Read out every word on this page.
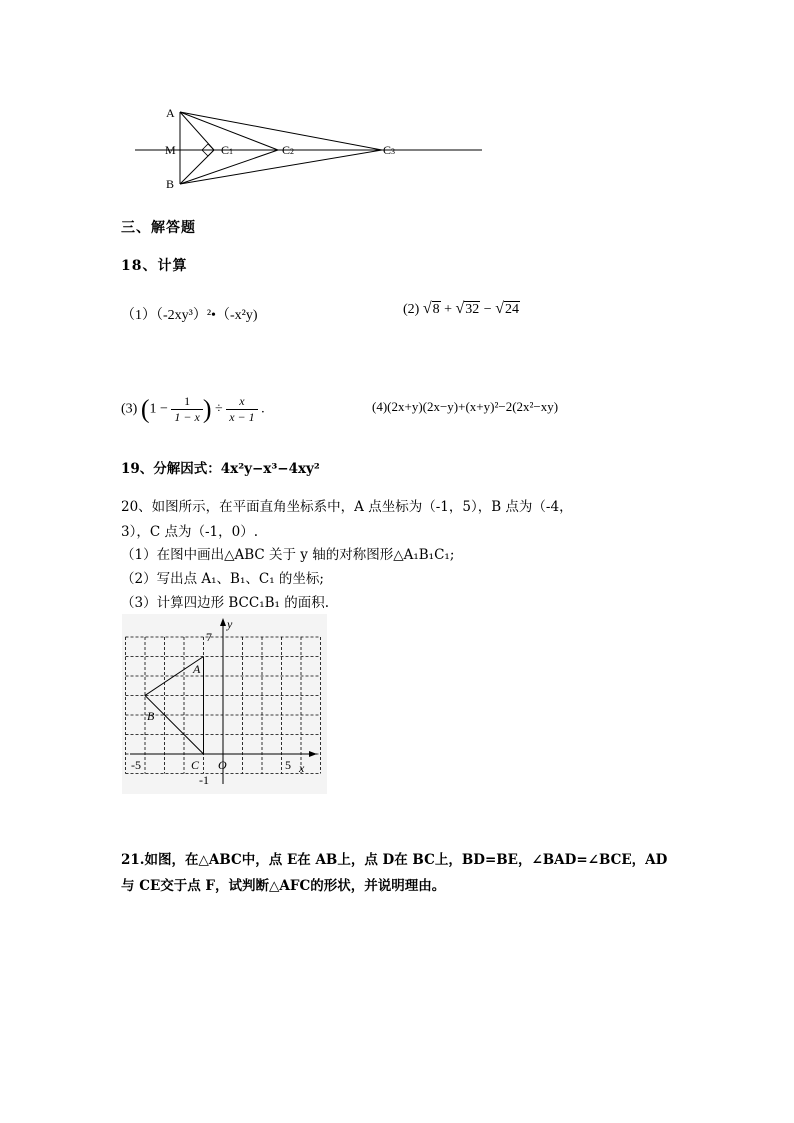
A
M
B
C1	C2	C3
三、解答题
18、计算
（1）（-2xy³）²•（-x²y)	(2) √8 + √32 − √24
(3) ($1 - \frac{1}{1 - x}$ ) ÷ $\frac{x}{x - 1}$ .	(4)(2x+y)(2x−y)+(x+y)²−2(2x²−xy)
19、分解因式：4x²y−x³−4xy²
20、如图所示，在平面直角坐标系中，A 点坐标为（-1，5），B 点为（-4，
3），C 点为（-1，0）.
（1）在图中画出△ABC 关于 y 轴的对称图形△A₁B₁C₁;
（2）写出点 A₁、B₁、C₁ 的坐标;
（3）计算四边形 BCC₁B₁ 的面积.
y
x
7
-5	5
-1
O
A
B
C
21.如图，在△ABC中，点 E在 AB上，点 D在 BC上，BD=BE，∠BAD=∠BCE，AD
与 CE交于点 F，试判断△AFC的形状，并说明理由。
